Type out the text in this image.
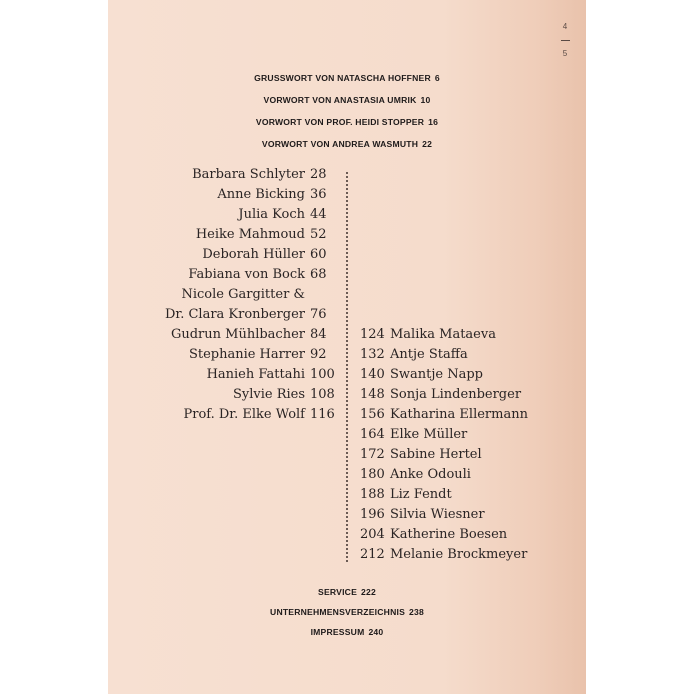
4
5
GRUSSWORT VON NATASCHA HOFFNER 6
VORWORT VON ANASTASIA UMRIK 10
VORWORT VON PROF. HEIDI STOPPER 16
VORWORT VON ANDREA WASMUTH 22
Barbara Schlyter 28
Anne Bicking 36
Julia Koch 44
Heike Mahmoud 52
Deborah Hüller 60
Fabiana von Bock 68
Nicole Gargitter &
Dr. Clara Kronberger 76
Gudrun Mühlbacher 84
Stephanie Harrer 92
Hanieh Fattahi 100
Sylvie Ries 108
Prof. Dr. Elke Wolf 116
124 Malika Mataeva
132 Antje Staffa
140 Swantje Napp
148 Sonja Lindenberger
156 Katharina Ellermann
164 Elke Müller
172 Sabine Hertel
180 Anke Odouli
188 Liz Fendt
196 Silvia Wiesner
204 Katherine Boesen
212 Melanie Brockmeyer
SERVICE 222
UNTERNEHMENSVERZEICHNIS 238
IMPRESSUM 240
